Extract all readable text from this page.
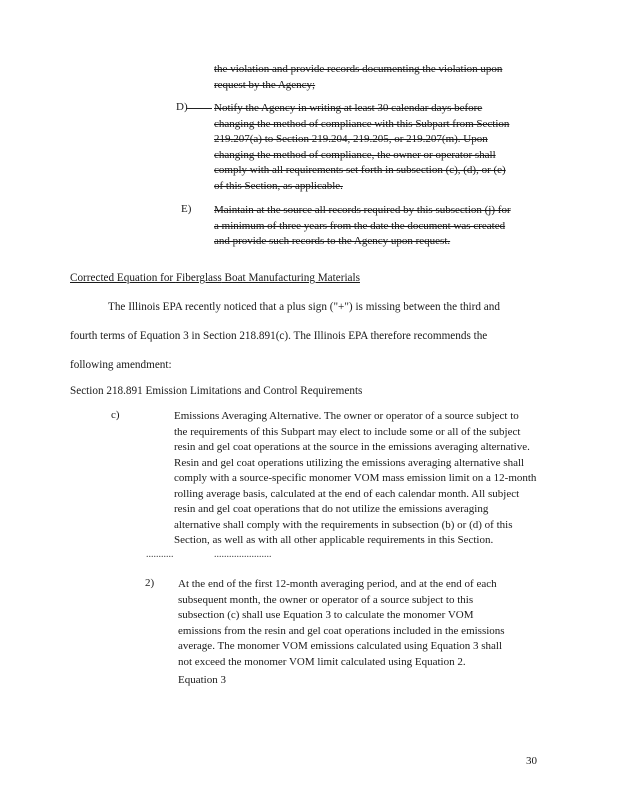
the violation and provide records documenting the violation upon
request by the Agency;
D) Notify the Agency in writing at least 30 calendar days before
changing the method of compliance with this Subpart from Section
219.207(a) to Section 219.204, 219.205, or 219.207(m). Upon
changing the method of compliance, the owner or operator shall
comply with all requirements set forth in subsection (c), (d), or (e)
of this Section, as applicable.
E) Maintain at the source all records required by this subsection (j) for
a minimum of three years from the date the document was created
and provide such records to the Agency upon request.
Corrected Equation for Fiberglass Boat Manufacturing Materials
The Illinois EPA recently noticed that a plus sign ("+") is missing between the third and
fourth terms of Equation 3 in Section 218.891(c). The Illinois EPA therefore recommends the
following amendment:
Section 218.891 Emission Limitations and Control Requirements
c)	Emissions Averaging Alternative. The owner or operator of a source subject to
the requirements of this Subpart may elect to include some or all of the subject
resin and gel coat operations at the source in the emissions averaging alternative.
Resin and gel coat operations utilizing the emissions averaging alternative shall
comply with a source-specific monomer VOM mass emission limit on a 12-month
rolling average basis, calculated at the end of each calendar month. All subject
resin and gel coat operations that do not utilize the emissions averaging
alternative shall comply with the requirements in subsection (b) or (d) of this
Section, as well as with all other applicable requirements in this Section.
...........	.......................
2) At the end of the first 12-month averaging period, and at the end of each
subsequent month, the owner or operator of a source subject to this
subsection (c) shall use Equation 3 to calculate the monomer VOM
emissions from the resin and gel coat operations included in the emissions
average. The monomer VOM emissions calculated using Equation 3 shall
not exceed the monomer VOM limit calculated using Equation 2.
Equation 3
30
